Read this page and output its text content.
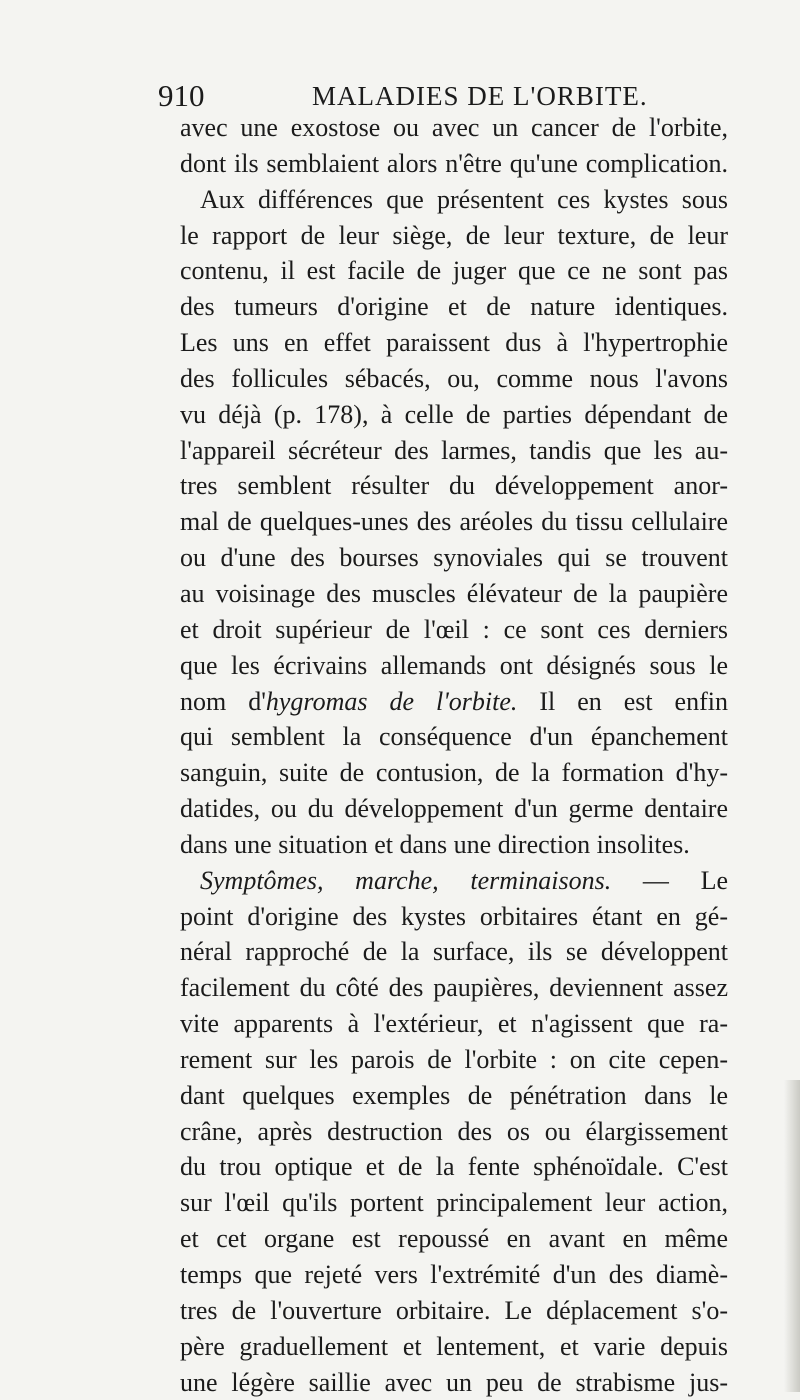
910	MALADIES DE L'ORBITE.
avec une exostose ou avec un cancer de l'orbite,
dont ils semblaient alors n'être qu'une complication.
Aux différences que présentent ces kystes sous
le rapport de leur siège, de leur texture, de leur
contenu, il est facile de juger que ce ne sont pas
des tumeurs d'origine et de nature identiques.
Les uns en effet paraissent dus à l'hypertrophie
des follicules sébacés, ou, comme nous l'avons
vu déjà (p. 178), à celle de parties dépendant de
l'appareil sécréteur des larmes, tandis que les au-
tres semblent résulter du développement anor-
mal de quelques-unes des aréoles du tissu cellulaire
ou d'une des bourses synoviales qui se trouvent
au voisinage des muscles élévateur de la paupière
et droit supérieur de l'œil : ce sont ces derniers
que les écrivains allemands ont désignés sous le
nom d'hygromas de l'orbite. Il en est enfin
qui semblent la conséquence d'un épanchement
sanguin, suite de contusion, de la formation d'hy-
datides, ou du développement d'un germe dentaire
dans une situation et dans une direction insolites.
Symptômes, marche, terminaisons. — Le
point d'origine des kystes orbitaires étant en gé-
néral rapproché de la surface, ils se développent
facilement du côté des paupières, deviennent assez
vite apparents à l'extérieur, et n'agissent que ra-
rement sur les parois de l'orbite : on cite cepen-
dant quelques exemples de pénétration dans le
crâne, après destruction des os ou élargissement
du trou optique et de la fente sphénoïdale. C'est
sur l'œil qu'ils portent principalement leur action,
et cet organe est repoussé en avant en même
temps que rejeté vers l'extrémité d'un des diamè-
tres de l'ouverture orbitaire. Le déplacement s'o-
père graduellement et lentement, et varie depuis
une légère saillie avec un peu de strabisme jus-
